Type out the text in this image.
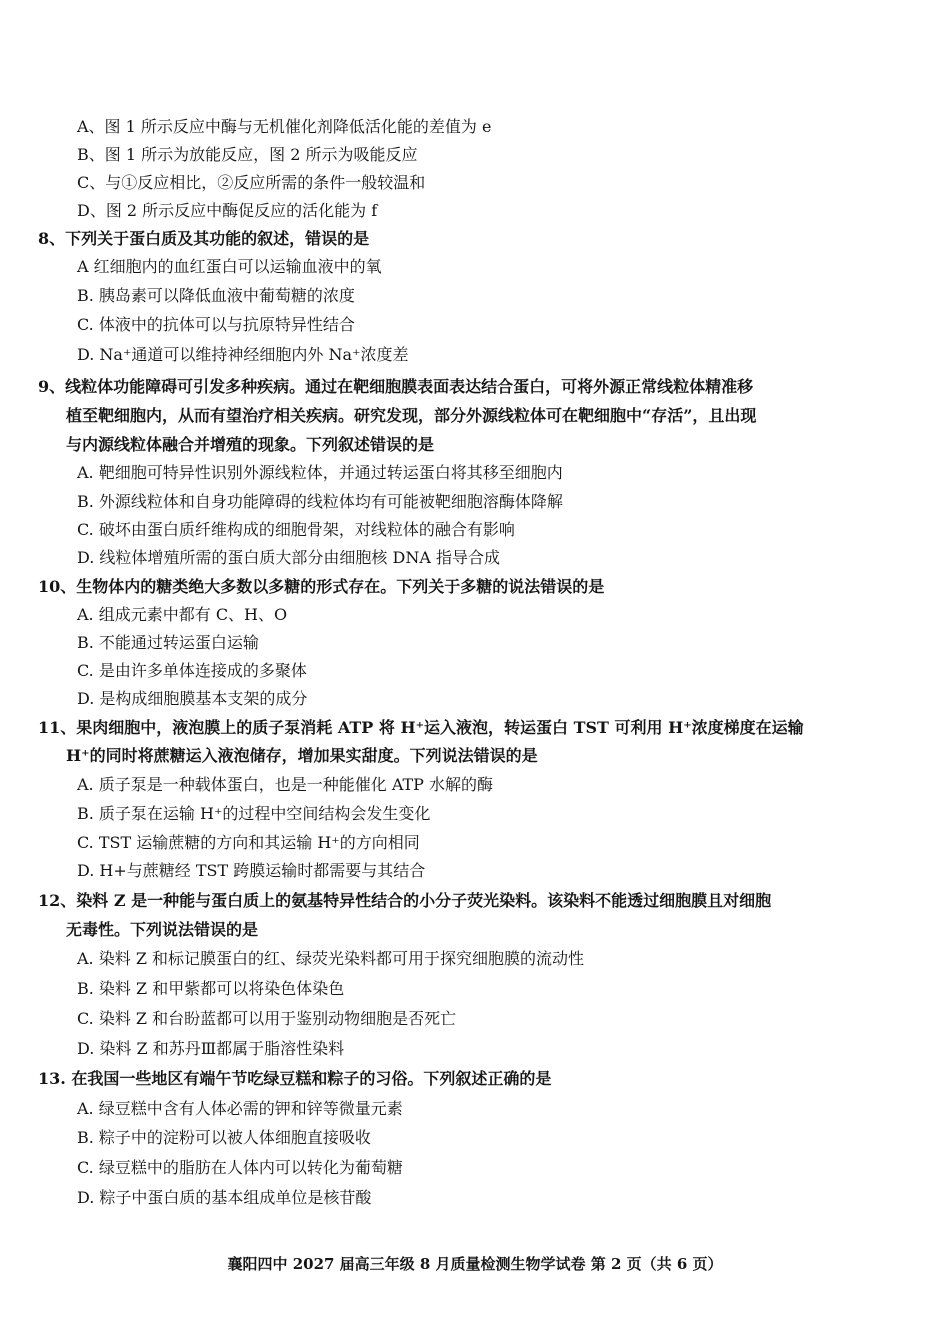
A、图 1 所示反应中酶与无机催化剂降低活化能的差值为 e
B、图 1 所示为放能反应，图 2 所示为吸能反应
C、与①反应相比，②反应所需的条件一般较温和
D、图 2 所示反应中酶促反应的活化能为 f
8、下列关于蛋白质及其功能的叙述，错误的是
A 红细胞内的血红蛋白可以运输血液中的氧
B. 胰岛素可以降低血液中葡萄糖的浓度
C. 体液中的抗体可以与抗原特异性结合
D. Na⁺通道可以维持神经细胞内外 Na⁺浓度差
9、线粒体功能障碍可引发多种疾病。通过在靶细胞膜表面表达结合蛋白，可将外源正常线粒体精准移
植至靶细胞内，从而有望治疗相关疾病。研究发现，部分外源线粒体可在靶细胞中“存活”，且出现
与内源线粒体融合并增殖的现象。下列叙述错误的是
A. 靶细胞可特异性识别外源线粒体，并通过转运蛋白将其移至细胞内
B. 外源线粒体和自身功能障碍的线粒体均有可能被靶细胞溶酶体降解
C. 破坏由蛋白质纤维构成的细胞骨架，对线粒体的融合有影响
D. 线粒体增殖所需的蛋白质大部分由细胞核 DNA 指导合成
10、生物体内的糖类绝大多数以多糖的形式存在。下列关于多糖的说法错误的是
A. 组成元素中都有 C、H、O
B. 不能通过转运蛋白运输
C. 是由许多单体连接成的多聚体
D. 是构成细胞膜基本支架的成分
11、果肉细胞中，液泡膜上的质子泵消耗 ATP 将 H⁺运入液泡，转运蛋白 TST 可利用 H⁺浓度梯度在运输
H⁺的同时将蔗糖运入液泡储存，增加果实甜度。下列说法错误的是
A. 质子泵是一种载体蛋白，也是一种能催化 ATP 水解的酶
B. 质子泵在运输 H⁺的过程中空间结构会发生变化
C. TST 运输蔗糖的方向和其运输 H⁺的方向相同
D. H+与蔗糖经 TST 跨膜运输时都需要与其结合
12、染料 Z 是一种能与蛋白质上的氨基特异性结合的小分子荧光染料。该染料不能透过细胞膜且对细胞
无毒性。下列说法错误的是
A. 染料 Z 和标记膜蛋白的红、绿荧光染料都可用于探究细胞膜的流动性
B. 染料 Z 和甲紫都可以将染色体染色
C. 染料 Z 和台盼蓝都可以用于鉴别动物细胞是否死亡
D. 染料 Z 和苏丹Ⅲ都属于脂溶性染料
13. 在我国一些地区有端午节吃绿豆糕和粽子的习俗。下列叙述正确的是
A. 绿豆糕中含有人体必需的钾和锌等微量元素
B. 粽子中的淀粉可以被人体细胞直接吸收
C. 绿豆糕中的脂肪在人体内可以转化为葡萄糖
D. 粽子中蛋白质的基本组成单位是核苷酸
襄阳四中 2027 届高三年级 8 月质量检测生物学试卷 第 2 页（共 6 页）
